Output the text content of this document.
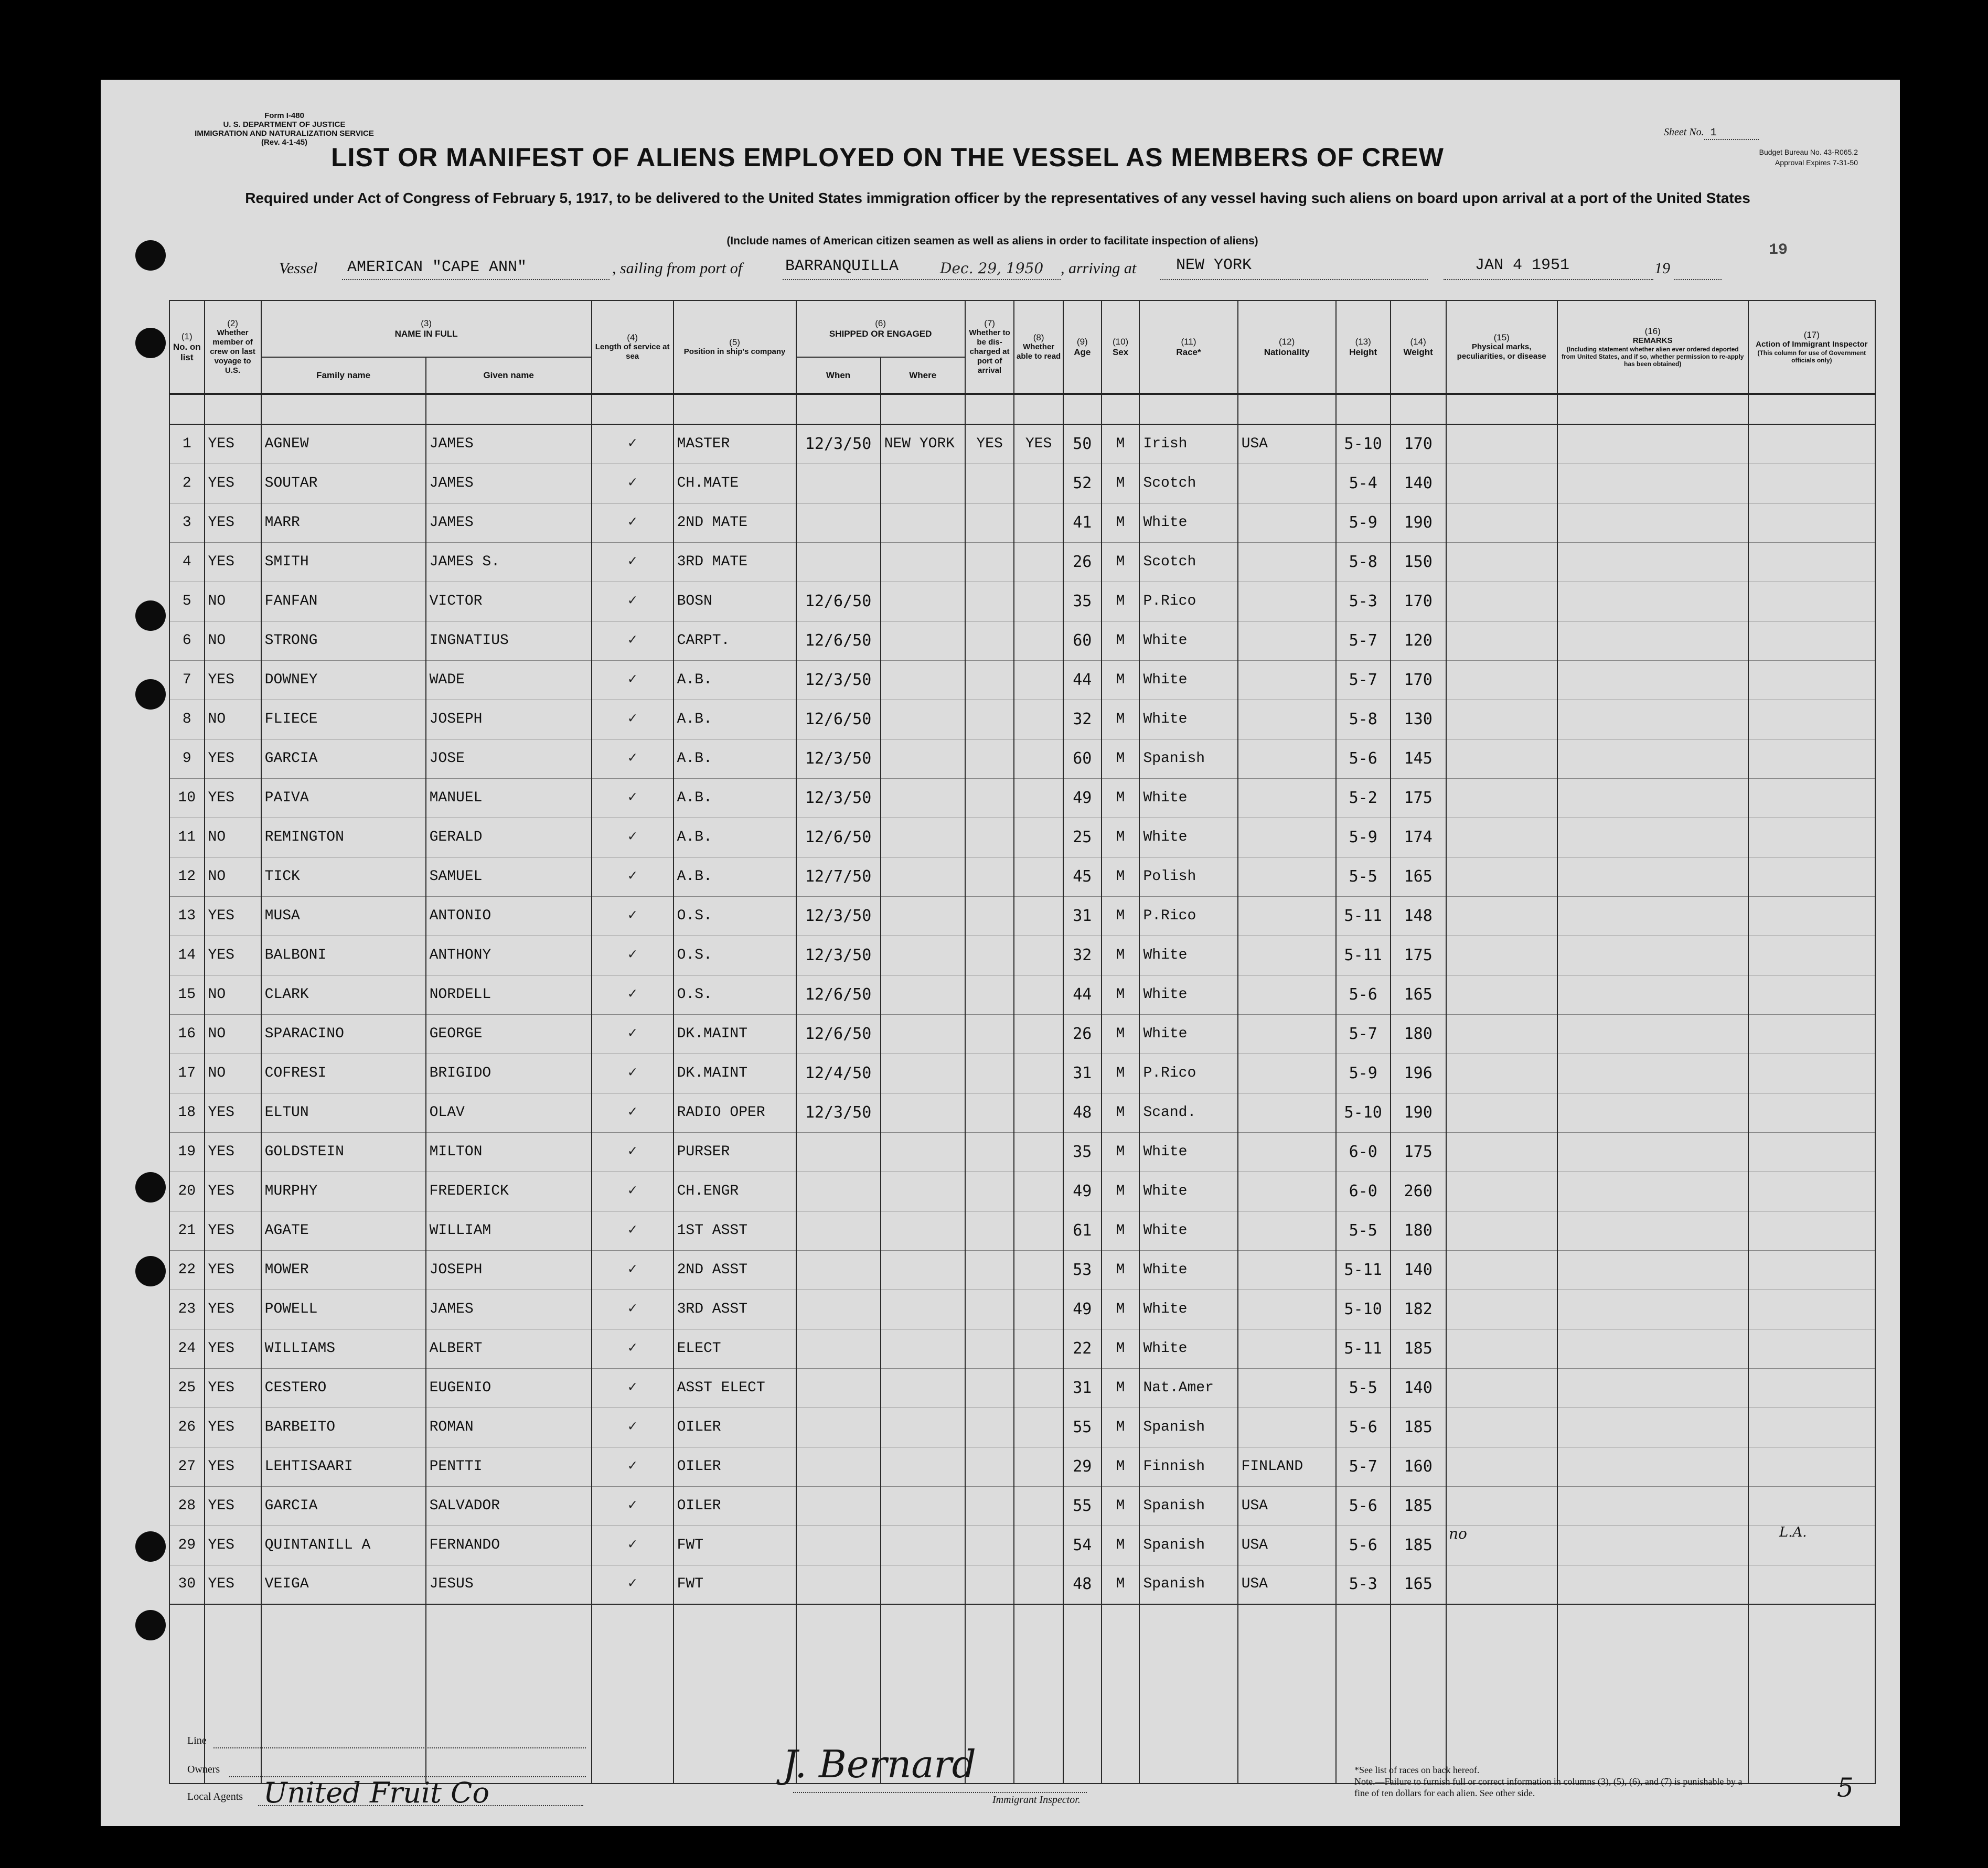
Form I-480
U. S. DEPARTMENT OF JUSTICE
IMMIGRATION AND NATURALIZATION SERVICE
(Rev. 4-1-45)
Sheet No. 1
Budget Bureau No. 43-R065.2
Approval Expires 7-31-50
LIST OR MANIFEST OF ALIENS EMPLOYED ON THE VESSEL AS MEMBERS OF CREW
Required under Act of Congress of February 5, 1917, to be delivered to the United States immigration officer by the representatives of any vessel having such aliens on board upon arrival at a port of the United States
(Include names of American citizen seamen as well as aliens in order to facilitate inspection of aliens)
19
Vessel AMERICAN "CAPE ANN"	, sailing from port of	BARRANQUILLA	Dec. 29, 1950 , arriving at	NEW YORK	JAN 4 1951	19
(1)
No. on list	(2)
Whether member of crew on last voyage to U.S.	(3)
NAME IN FULL		(4)
Length of service at sea	(5)
Position in ship's company	(6)
SHIPPED OR ENGAGED		(7)
Whether to be dis-charged at port of arrival	(8)
Whether able to read	(9)
Age	(10)
Sex	(11)
Race*	(12)
Nationality	(13)
Height	(14)
Weight	(15)
Physical marks, peculiarities, or disease	(16)
REMARKS

(Including statement whether alien ever ordered deported from United States, and if so, whether permission to re-apply has been obtained)	(17)
Action of Immigrant Inspector

(This column for use of Government officials only)

		Family name	Given name			When	Where											

1	YES	AGNEW	JAMES	✓	MASTER	12/3/50	NEW YORK	YES	YES	50	M	Irish	USA	5-10	170			
2	YES	SOUTAR	JAMES	✓	CH.MATE					52	M	Scotch		5-4	140			
3	YES	MARR	JAMES	✓	2ND MATE					41	M	White		5-9	190			
4	YES	SMITH	JAMES S.	✓	3RD MATE					26	M	Scotch		5-8	150			
5	NO	FANFAN	VICTOR	✓	BOSN	12/6/50				35	M	P.Rico		5-3	170			
6	NO	STRONG	INGNATIUS	✓	CARPT.	12/6/50				60	M	White		5-7	120			
7	YES	DOWNEY	WADE	✓	A.B.	12/3/50				44	M	White		5-7	170			
8	NO	FLIECE	JOSEPH	✓	A.B.	12/6/50				32	M	White		5-8	130			
9	YES	GARCIA	JOSE	✓	A.B.	12/3/50				60	M	Spanish		5-6	145			
10	YES	PAIVA	MANUEL	✓	A.B.	12/3/50				49	M	White		5-2	175			
11	NO	REMINGTON	GERALD	✓	A.B.	12/6/50				25	M	White		5-9	174			
12	NO	TICK	SAMUEL	✓	A.B.	12/7/50				45	M	Polish		5-5	165			
13	YES	MUSA	ANTONIO	✓	O.S.	12/3/50				31	M	P.Rico		5-11	148			
14	YES	BALBONI	ANTHONY	✓	O.S.	12/3/50				32	M	White		5-11	175			
15	NO	CLARK	NORDELL	✓	O.S.	12/6/50				44	M	White		5-6	165			
16	NO	SPARACINO	GEORGE	✓	DK.MAINT	12/6/50				26	M	White		5-7	180			
17	NO	COFRESI	BRIGIDO	✓	DK.MAINT	12/4/50				31	M	P.Rico		5-9	196			
18	YES	ELTUN	OLAV	✓	RADIO OPER	12/3/50				48	M	Scand.		5-10	190			
19	YES	GOLDSTEIN	MILTON	✓	PURSER					35	M	White		6-0	175			
20	YES	MURPHY	FREDERICK	✓	CH.ENGR					49	M	White		6-0	260			
21	YES	AGATE	WILLIAM	✓	1ST ASST					61	M	White		5-5	180			
22	YES	MOWER	JOSEPH	✓	2ND ASST					53	M	White		5-11	140			
23	YES	POWELL	JAMES	✓	3RD ASST					49	M	White		5-10	182			
24	YES	WILLIAMS	ALBERT	✓	ELECT					22	M	White		5-11	185			
25	YES	CESTERO	EUGENIO	✓	ASST ELECT					31	M	Nat.Amer		5-5	140			
26	YES	BARBEITO	ROMAN	✓	OILER					55	M	Spanish		5-6	185			
27	YES	LEHTISAARI	PENTTI	✓	OILER					29	M	Finnish	FINLAND	5-7	160			
28	YES	GARCIA	SALVADOR	✓	OILER					55	M	Spanish	USA	5-6	185			
29	YES	QUINTANILL A	FERNANDO	✓	FWT					54	M	Spanish	USA	5-6	185			
30	YES	VEIGA	JESUS	✓	FWT					48	M	Spanish	USA	5-3	165			

no	L.A.
Line
Owners
Local Agents United Fruit Co
J. Bernard
Immigrant Inspector.
*See list of races on back hereof.
Note.—Failure to furnish full or correct information in columns (3), (5), (6), and (7) is punishable by a fine of ten dollars for each alien. See other side.	5
